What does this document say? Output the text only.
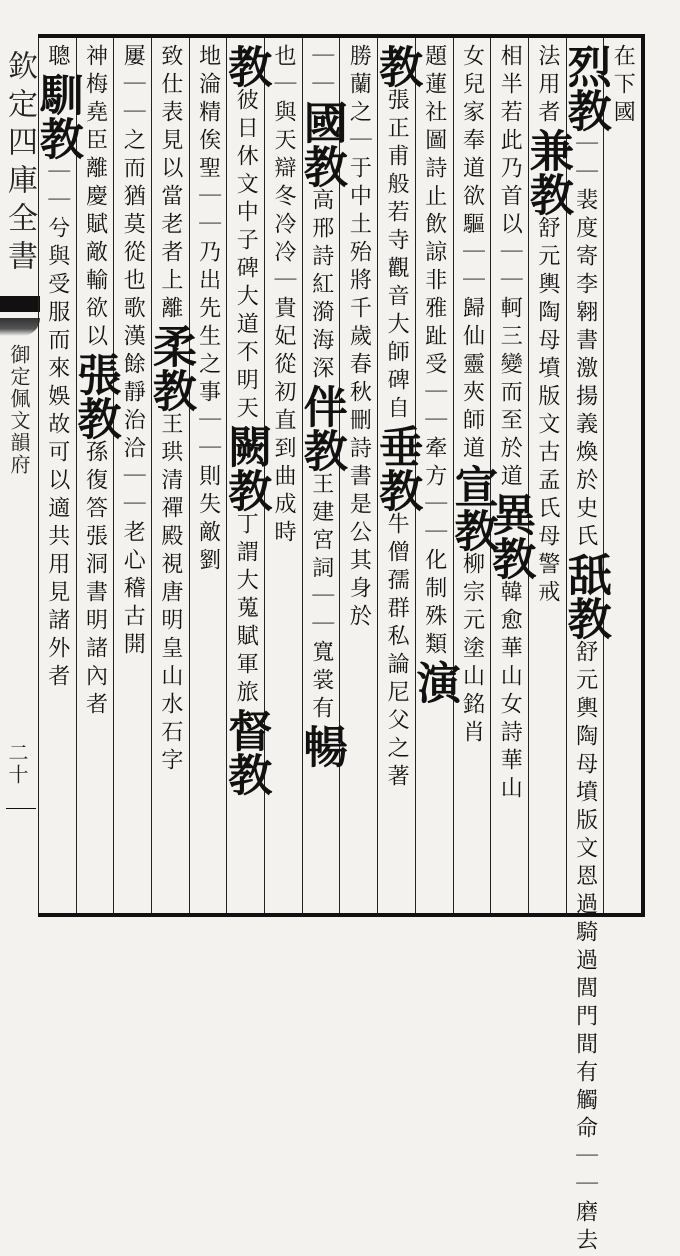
欽定四庫全書
御定佩文韻府
二十
在下國
烈教｜｜裴度寄李翱書激揚義煥於史氏舐教舒元輿陶母墳版文恩過騎過閭門間有觸命｜｜磨去
法用者兼教舒元輿陶母墳版文古孟氏母警戒
相半若此乃首以｜｜軻三變而至於道異教韓愈華山女詩華山
女兒家奉道欲驅｜｜歸仙靈夾師道宣教柳宗元塗山銘肖
題蓮社圖詩止飲諒非雅趾受｜｜牽方｜｜化制殊類演
教張正甫般若寺觀音大師碑自垂教牛僧孺群私論尼父之著
勝蘭之｜于中土殆將千歲春秋刪詩書是公其身於
｜｜國教高邢詩紅漪海深伴教王建宮詞｜｜寬裳有暢
也｜與天辯冬冷冷｜貴妃從初直到曲成時
教彼日休文中子碑大道不明天闕教丁謂大蒐賦軍旅督教
地淪精俟聖｜｜乃出先生之事｜｜則失敵劉
致仕表見以當老者上離柔教王珙清禪殿視唐明皇山水石字
屢｜｜之而猶莫從也歌漢餘靜治洽｜｜老心稽古開
神梅堯臣離慶賦敵輸欲以張教孫復答張洞書明諸內者
聰馴教｜｜兮與受服而來娛故可以適共用見諸外者
